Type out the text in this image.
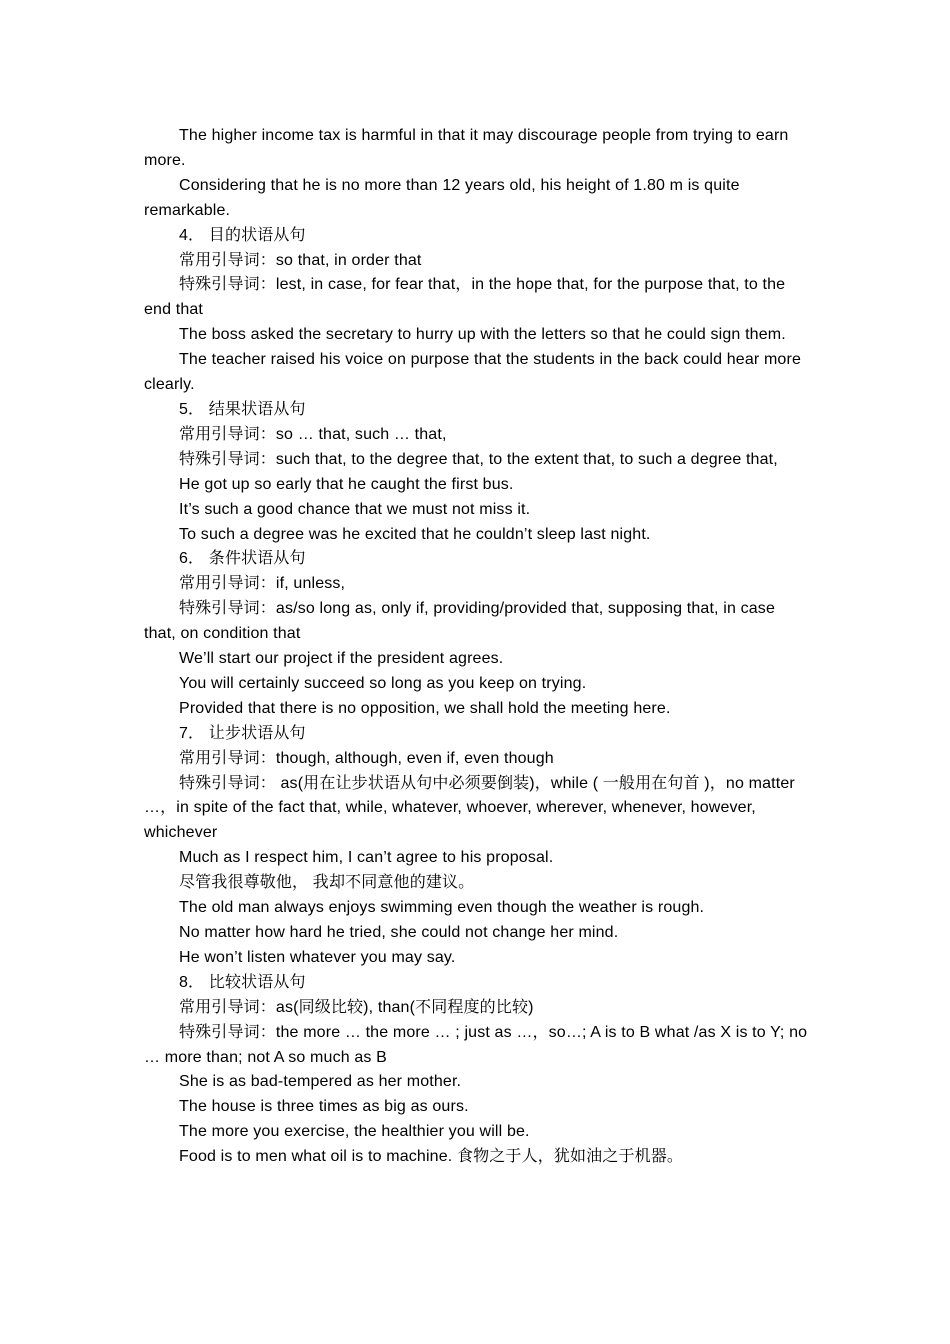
The higher income tax is harmful in that it may discourage people from trying to earn more.

Considering that he is no more than 12 years old, his height of 1.80 m is quite remarkable.

4． 目的状语从句

常用引导词：so that, in order that

特殊引导词：lest, in case, for fear that，in the hope that, for the purpose that, to the end that

The boss asked the secretary to hurry up with the letters so that he could sign them.

The teacher raised his voice on purpose that the students in the back could hear more clearly.

5． 结果状语从句

常用引导词：so … that, such … that,

特殊引导词：such that, to the degree that, to the extent that, to such a degree that,

He got up so early that he caught the first bus.

It’s such a good chance that we must not miss it.

To such a degree was he excited that he couldn’t sleep last night.

6． 条件状语从句

常用引导词：if, unless,

特殊引导词：as/so long as, only if, providing/provided that, supposing that, in case that, on condition that

We’ll start our project if the president agrees.

You will certainly succeed so long as you keep on trying.

Provided that there is no opposition, we shall hold the meeting here.

7． 让步状语从句

常用引导词：though, although, even if, even though

特殊引导词： as(用在让步状语从句中必须要倒装)，while ( 一般用在句首 )，no matter …，in spite of the fact that, while, whatever, whoever, wherever, whenever, however, whichever

Much as I respect him, I can’t agree to his proposal.

尽管我很尊敬他， 我却不同意他的建议。

The old man always enjoys swimming even though the weather is rough.

No matter how hard he tried, she could not change her mind.

He won’t listen whatever you may say.

8． 比较状语从句

常用引导词：as(同级比较), than(不同程度的比较)

特殊引导词：the more … the more … ; just as …，so…; A is to B what /as X is to Y; no … more than; not A so much as B

She is as bad-tempered as her mother.

The house is three times as big as ours.

The more you exercise, the healthier you will be.

Food is to men what oil is to machine. 食物之于人，犹如油之于机器。
